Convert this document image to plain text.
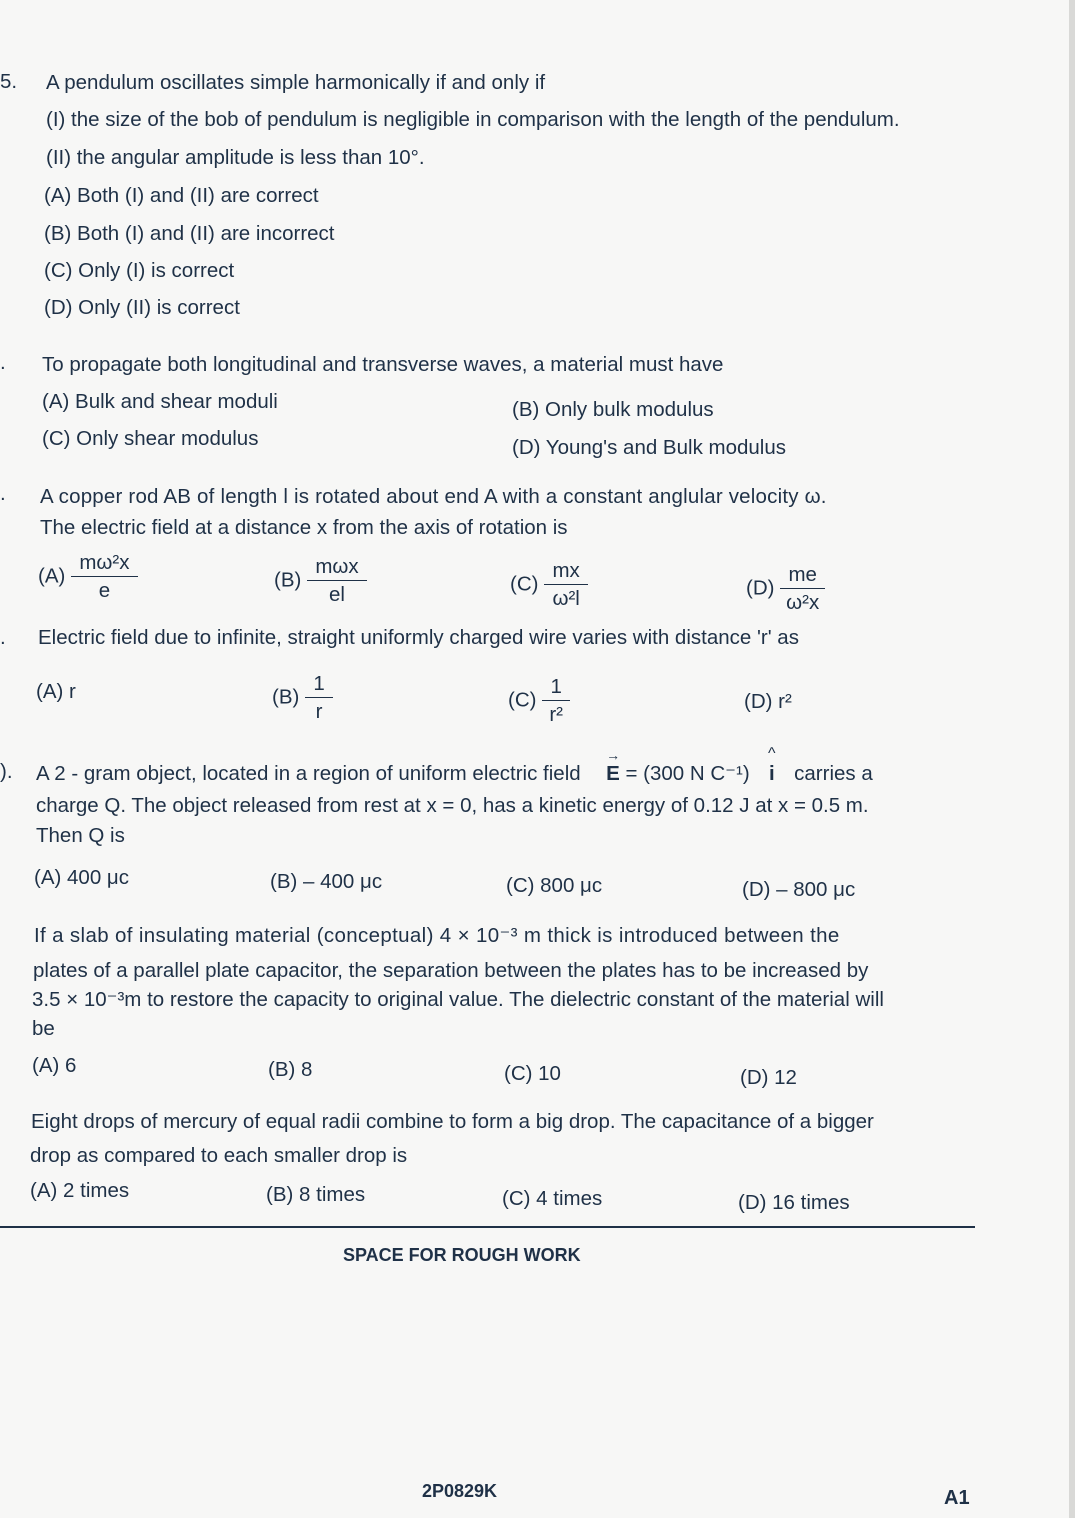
5. A pendulum oscillates simple harmonically if and only if
(I) the size of the bob of pendulum is negligible in comparison with the length of the pendulum.
(II) the angular amplitude is less than 10°.
(A) Both (I) and (II) are correct
(B) Both (I) and (II) are incorrect
(C) Only (I) is correct
(D) Only (II) is correct
. To propagate both longitudinal and transverse waves, a material must have
(A) Bulk and shear moduli	(B) Only bulk modulus
(C) Only shear modulus	(D) Young's and Bulk modulus
. A copper rod AB of length l is rotated about end A with a constant anglular velocity ω.
The electric field at a distance x from the axis of rotation is
$(A) \frac{\text{mω²x}}{e}$	$(B) \frac{\text{mωx}}{el}$	$(C) \frac{mx}{\text{ω²l}}$	$(D) \frac{me}{\text{ω²x}}$
. Electric field due to infinite, straight uniformly charged wire varies with distance 'r' as
(A) r	$(B) \frac{1}{r}$	$(C) \frac{1}{\text{r²}}$	(D) r²
). A 2 - gram object, located in a region of uniform electric field → E = (300 N C⁻¹) ^ i carries a
charge Q. The object released from rest at x = 0, has a kinetic energy of 0.12 J at x = 0.5 m.
Then Q is
(A) 400 μc	(B) – 400 μc	(C) 800 μc	(D) – 800 μc
If a slab of insulating material (conceptual) 4 × 10⁻³ m thick is introduced between the
plates of a parallel plate capacitor, the separation between the plates has to be increased by
3.5 × 10⁻³m to restore the capacity to original value. The dielectric constant of the material will
be
(A) 6	(B) 8	(C) 10	(D) 12
Eight drops of mercury of equal radii combine to form a big drop. The capacitance of a bigger
drop as compared to each smaller drop is
(A) 2 times	(B) 8 times	(C) 4 times	(D) 16 times
SPACE FOR ROUGH WORK
2P0829K	A1
